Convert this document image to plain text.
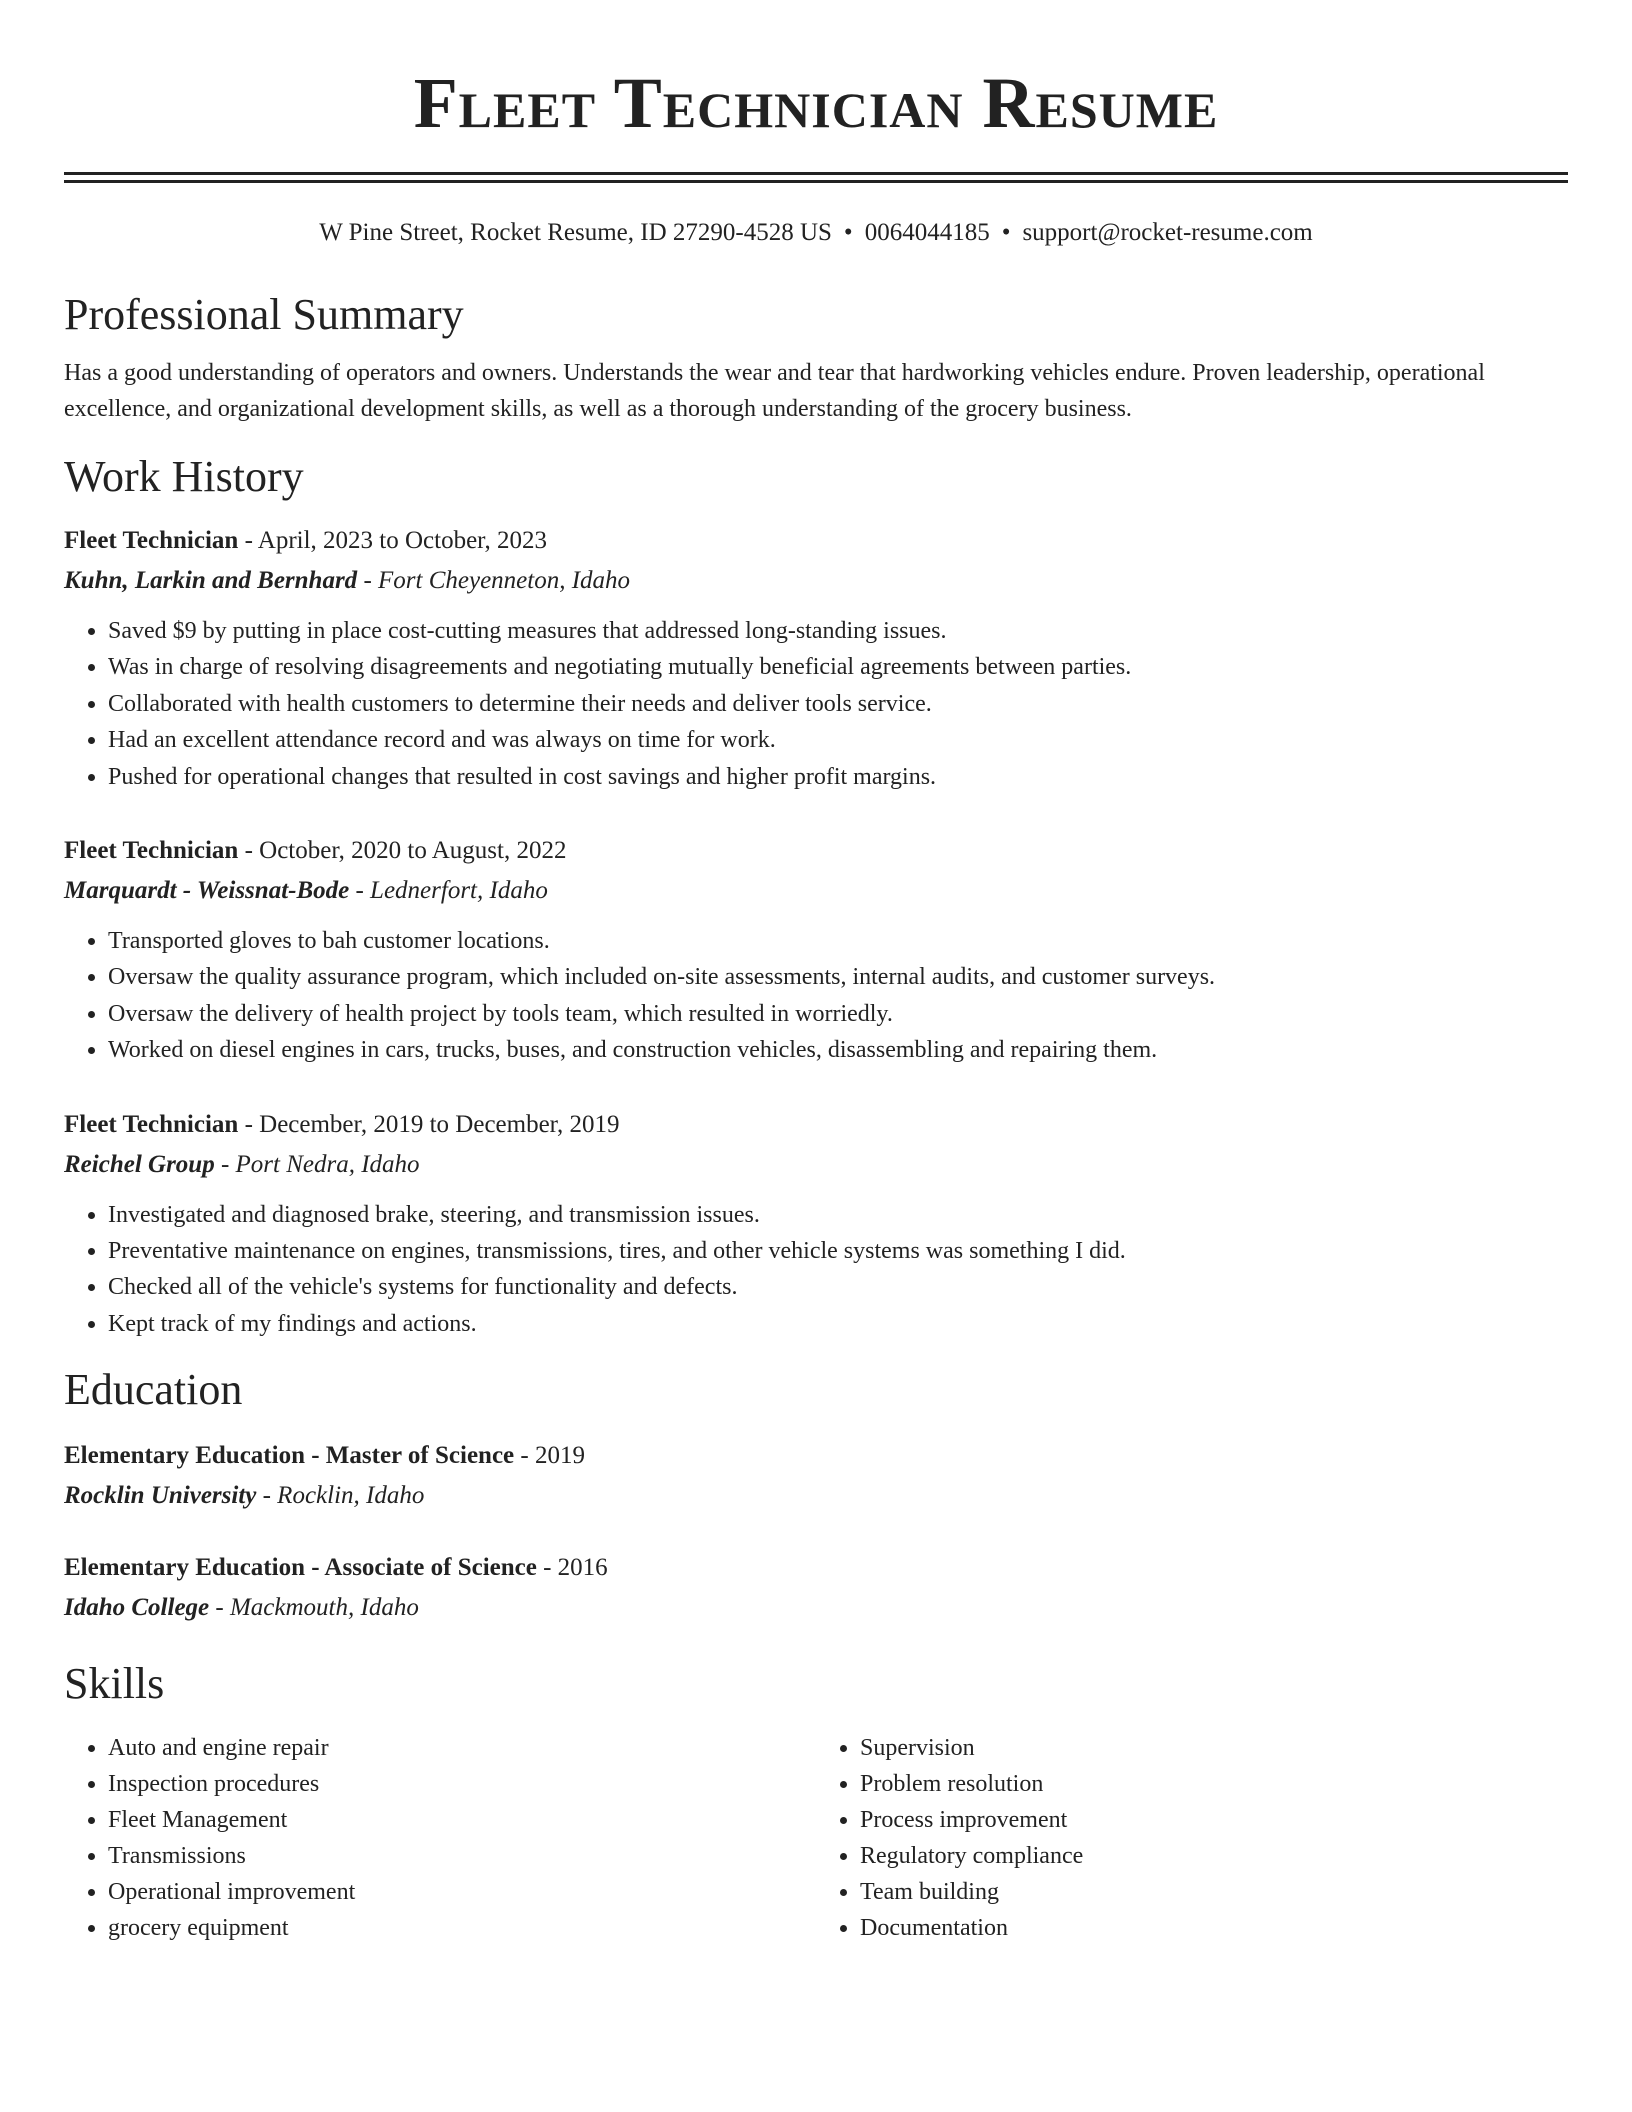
Fleet Technician Resume
W Pine Street, Rocket Resume, ID 27290-4528 US • 0064044185 • support@rocket-resume.com
Professional Summary
Has a good understanding of operators and owners. Understands the wear and tear that hardworking vehicles endure. Proven leadership, operational excellence, and organizational development skills, as well as a thorough understanding of the grocery business.
Work History
Fleet Technician - April, 2023 to October, 2023
Kuhn, Larkin and Bernhard - Fort Cheyenneton, Idaho
• Saved $9 by putting in place cost-cutting measures that addressed long-standing issues.
• Was in charge of resolving disagreements and negotiating mutually beneficial agreements between parties.
• Collaborated with health customers to determine their needs and deliver tools service.
• Had an excellent attendance record and was always on time for work.
• Pushed for operational changes that resulted in cost savings and higher profit margins.
Fleet Technician - October, 2020 to August, 2022
Marquardt - Weissnat-Bode - Lednerfort, Idaho
• Transported gloves to bah customer locations.
• Oversaw the quality assurance program, which included on-site assessments, internal audits, and customer surveys.
• Oversaw the delivery of health project by tools team, which resulted in worriedly.
• Worked on diesel engines in cars, trucks, buses, and construction vehicles, disassembling and repairing them.
Fleet Technician - December, 2019 to December, 2019
Reichel Group - Port Nedra, Idaho
• Investigated and diagnosed brake, steering, and transmission issues.
• Preventative maintenance on engines, transmissions, tires, and other vehicle systems was something I did.
• Checked all of the vehicle's systems for functionality and defects.
• Kept track of my findings and actions.
Education
Elementary Education - Master of Science - 2019
Rocklin University - Rocklin, Idaho
Elementary Education - Associate of Science - 2016
Idaho College - Mackmouth, Idaho
Skills
• Auto and engine repair
• Inspection procedures
• Fleet Management
• Transmissions
• Operational improvement
• grocery equipment
• Supervision
• Problem resolution
• Process improvement
• Regulatory compliance
• Team building
• Documentation
